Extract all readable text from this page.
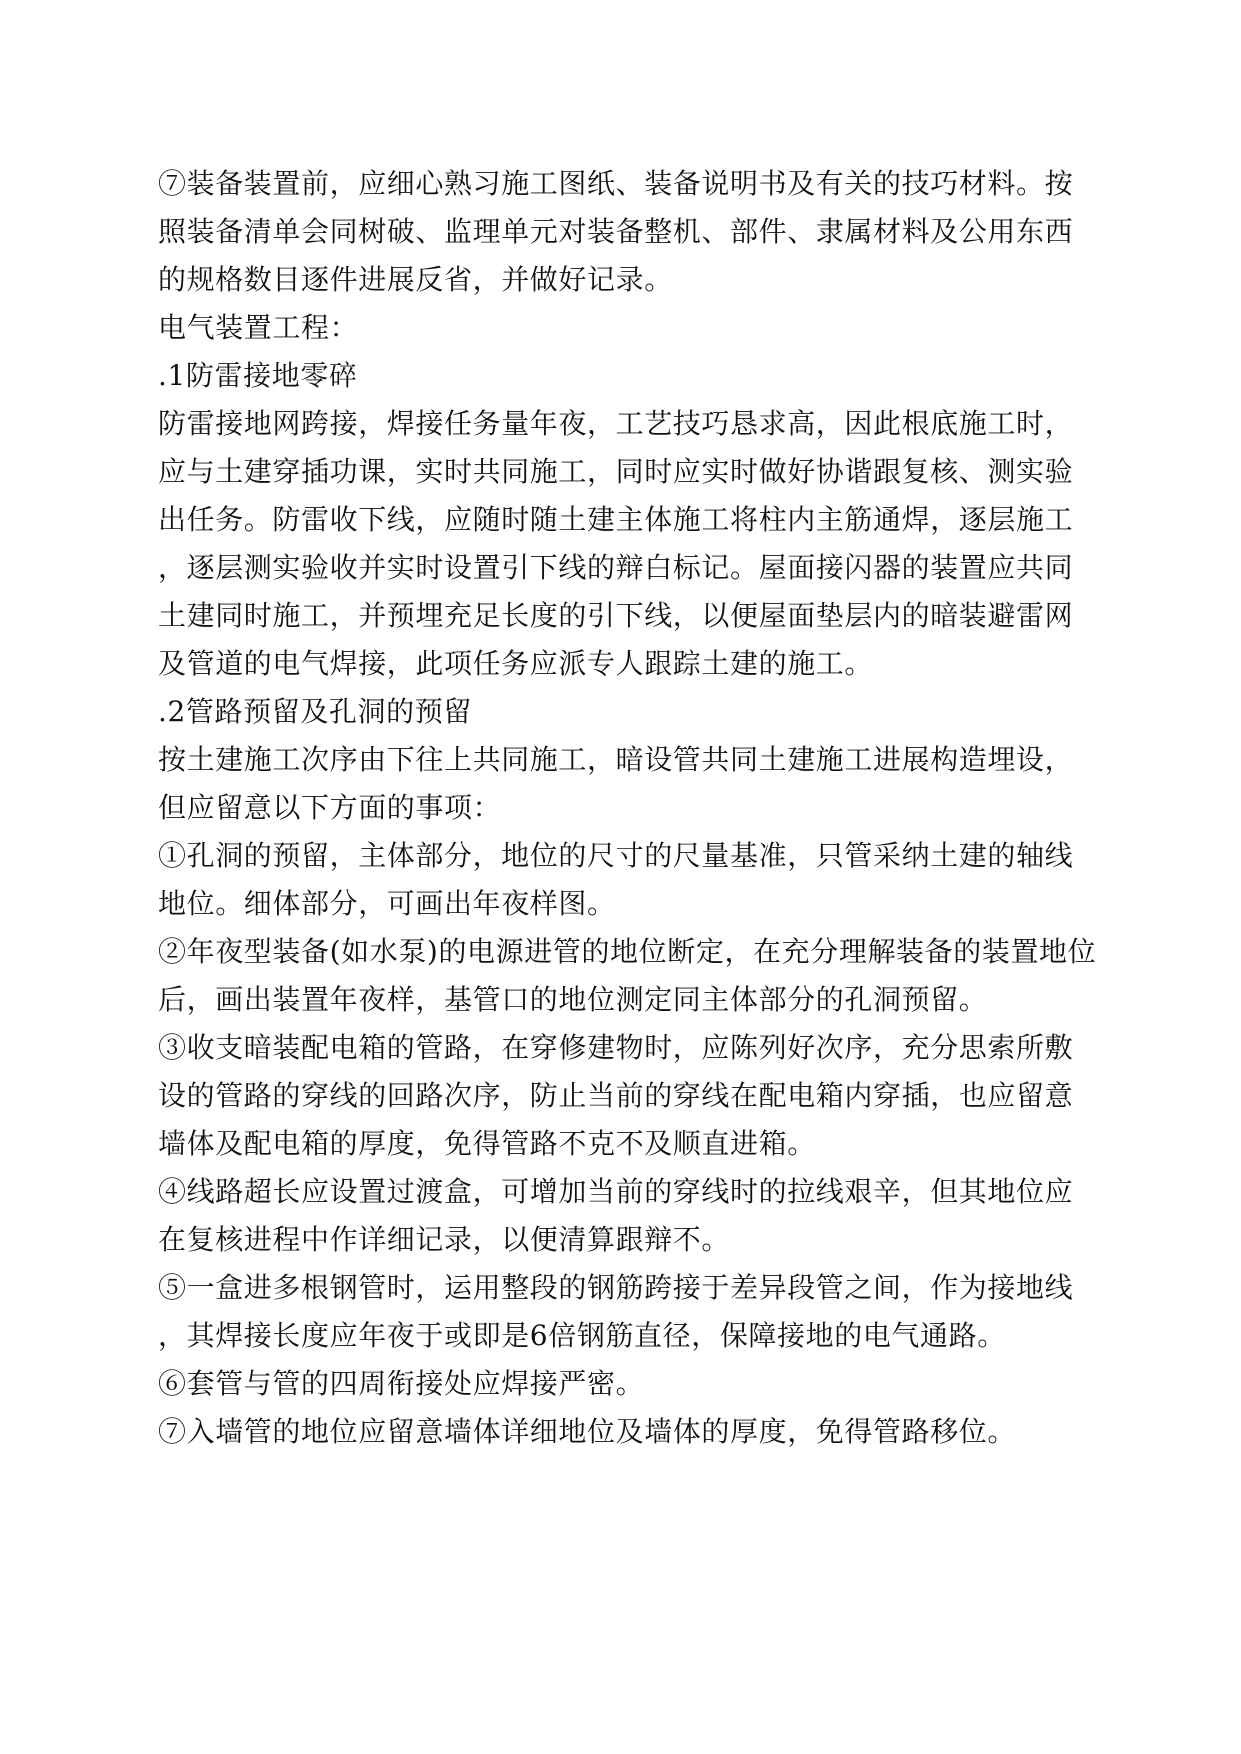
⑦装备装置前，应细心熟习施工图纸、装备说明书及有关的技巧材料。按
照装备清单会同树破、监理单元对装备整机、部件、隶属材料及公用东西
的规格数目逐件进展反省，并做好记录。
电气装置工程：
.1防雷接地零碎
防雷接地网跨接，焊接任务量年夜，工艺技巧恳求高，因此根底施工时，
应与土建穿插功课，实时共同施工，同时应实时做好协谐跟复核、测实验
出任务。防雷收下线，应随时随土建主体施工将柱内主筋通焊，逐层施工
，逐层测实验收并实时设置引下线的辩白标记。屋面接闪器的装置应共同
土建同时施工，并预埋充足长度的引下线，以便屋面垫层内的暗装避雷网
及管道的电气焊接，此项任务应派专人跟踪土建的施工。
.2管路预留及孔洞的预留
按土建施工次序由下往上共同施工，暗设管共同土建施工进展构造埋设，
但应留意以下方面的事项：
①孔洞的预留，主体部分，地位的尺寸的尺量基准，只管采纳土建的轴线
地位。细体部分，可画出年夜样图。
②年夜型装备(如水泵)的电源进管的地位断定，在充分理解装备的装置地位
后，画出装置年夜样，基管口的地位测定同主体部分的孔洞预留。
③收支暗装配电箱的管路，在穿修建物时，应陈列好次序，充分思索所敷
设的管路的穿线的回路次序，防止当前的穿线在配电箱内穿插，也应留意
墙体及配电箱的厚度，免得管路不克不及顺直进箱。
④线路超长应设置过渡盒，可增加当前的穿线时的拉线艰辛，但其地位应
在复核进程中作详细记录，以便清算跟辩不。
⑤一盒进多根钢管时，运用整段的钢筋跨接于差异段管之间，作为接地线
，其焊接长度应年夜于或即是6倍钢筋直径，保障接地的电气通路。
⑥套管与管的四周衔接处应焊接严密。
⑦入墙管的地位应留意墙体详细地位及墙体的厚度，免得管路移位。
